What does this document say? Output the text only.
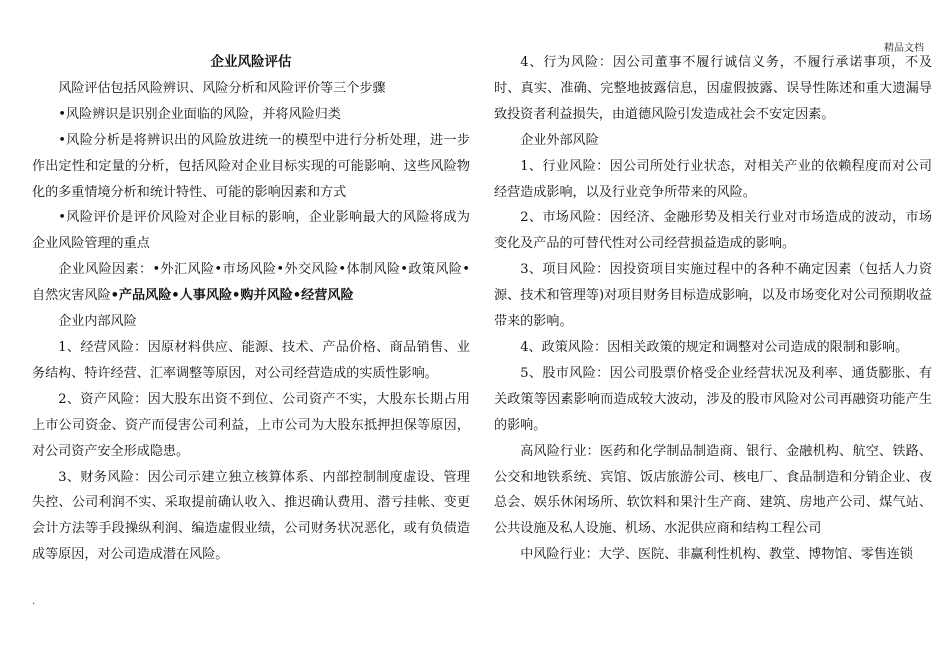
精品文档

企业风险评估

风险评估包括风险辨识、风险分析和风险评价等三个步骤

•风险辨识是识别企业面临的风险，并将风险归类

•风险分析是将辨识出的风险放进统一的模型中进行分析处理，进一步作出定性和定量的分析，包括风险对企业目标实现的可能影响、这些风险物化的多重情境分析和统计特性、可能的影响因素和方式

•风险评价是评价风险对企业目标的影响，企业影响最大的风险将成为企业风险管理的重点

企业风险因素：•外汇风险•市场风险•外交风险•体制风险•政策风险•自然灾害风险•产品风险•人事风险•购并风险•经营风险

企业内部风险

1、经营风险：因原材料供应、能源、技术、产品价格、商品销售、业务结构、特许经营、汇率调整等原因，对公司经营造成的实质性影响。

2、资产风险：因大股东出资不到位、公司资产不实，大股东长期占用上市公司资金、资产而侵害公司利益，上市公司为大股东抵押担保等原因，对公司资产安全形成隐患。

3、财务风险：因公司示建立独立核算体系、内部控制制度虚设、管理失控、公司利润不实、采取提前确认收入、推迟确认费用、潜亏挂帐、变更会计方法等手段操纵利润、编造虚假业绩，公司财务状况恶化，或有负债造成等原因，对公司造成潜在风险。

4、行为风险：因公司董事不履行诚信义务，不履行承诺事项，不及时、真实、准确、完整地披露信息，因虚假披露、误导性陈述和重大遗漏导致投资者利益损失，由道德风险引发造成社会不安定因素。

企业外部风险

1、行业风险：因公司所处行业状态，对相关产业的依赖程度而对公司经营造成影响，以及行业竞争所带来的风险。

2、市场风险：因经济、金融形势及相关行业对市场造成的波动，市场变化及产品的可替代性对公司经营损益造成的影响。

3、项目风险：因投资项目实施过程中的各种不确定因素（包括人力资源、技术和管理等)对项目财务目标造成影响，以及市场变化对公司预期收益带来的影响。

4、政策风险：因相关政策的规定和调整对公司造成的限制和影响。

5、股市风险：因公司股票价格受企业经营状况及利率、通货膨胀、有关政策等因素影响而造成较大波动，涉及的股市风险对公司再融资功能产生的影响。

高风险行业：医药和化学制品制造商、银行、金融机构、航空、铁路、公交和地铁系统、宾馆、饭店旅游公司、核电厂、食品制造和分销企业、夜总会、娱乐休闲场所、软饮料和果汁生产商、建筑、房地产公司、煤气站、公共设施及私人设施、机场、水泥供应商和结构工程公司

中风险行业：大学、医院、非赢利性机构、教堂、博物馆、零售连锁

.
